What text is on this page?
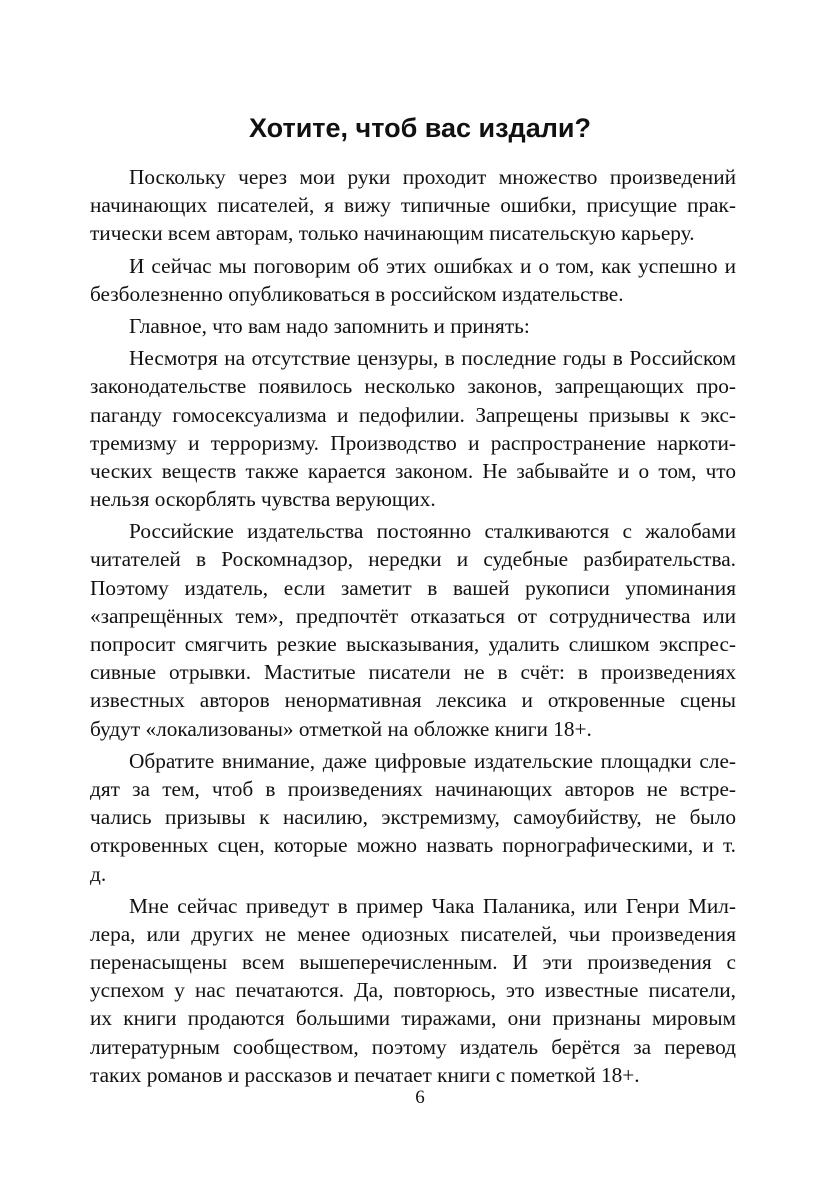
Хотите, чтоб вас издали?

Поскольку через мои руки проходит множество произведений
начинающих писателей, я вижу типичные ошибки, присущие прак-
тически всем авторам, только начинающим писательскую карьеру.

И сейчас мы поговорим об этих ошибках и о том, как успешно и
безболезненно опубликоваться в российском издательстве.

Главное, что вам надо запомнить и принять:

Несмотря на отсутствие цензуры, в последние годы в Российском
законодательстве появилось несколько законов, запрещающих про-
паганду гомосексуализма и педофилии. Запрещены призывы к экс-
тремизму и терроризму. Производство и распространение наркоти-
ческих веществ также карается законом. Не забывайте и о том, что
нельзя оскорблять чувства верующих.

Российские издательства постоянно сталкиваются с жалобами
читателей в Роскомнадзор, нередки и судебные разбирательства.
Поэтому издатель, если заметит в вашей рукописи упоминания
«запрещённых тем», предпочтёт отказаться от сотрудничества или
попросит смягчить резкие высказывания, удалить слишком экспрес-
сивные отрывки. Маститые писатели не в счёт: в произведениях
известных авторов ненормативная лексика и откровенные сцены
будут «локализованы» отметкой на обложке книги 18+.

Обратите внимание, даже цифровые издательские площадки сле-
дят за тем, чтоб в произведениях начинающих авторов не встре-
чались призывы к насилию, экстремизму, самоубийству, не было
откровенных сцен, которые можно назвать порнографическими, и т.
д.

Мне сейчас приведут в пример Чака Паланика, или Генри Мил-
лера, или других не менее одиозных писателей, чьи произведения
перенасыщены всем вышеперечисленным. И эти произведения с
успехом у нас печатаются. Да, повторюсь, это известные писатели,
их книги продаются большими тиражами, они признаны мировым
литературным сообществом, поэтому издатель берётся за перевод
таких романов и рассказов и печатает книги с пометкой 18+.

6
